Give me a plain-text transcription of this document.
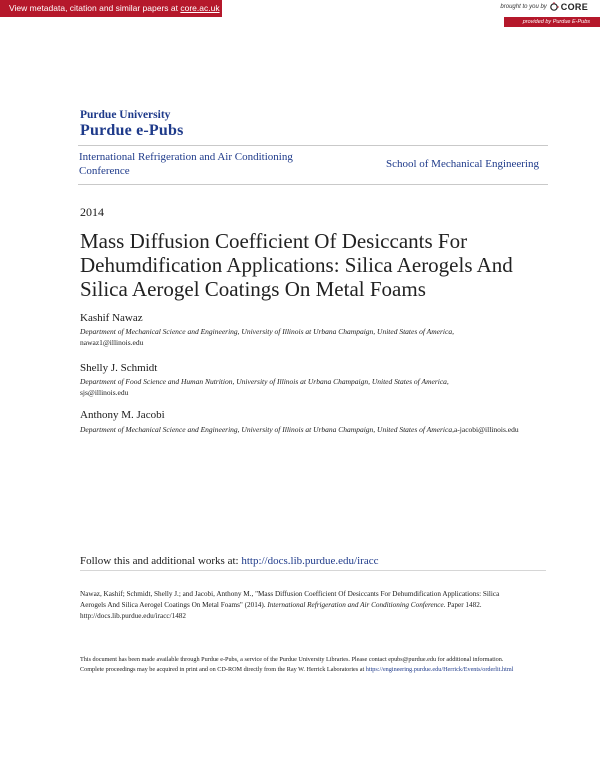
View metadata, citation and similar papers at core.ac.uk	brought to you by CORE
provided by Purdue E-Pubs
Purdue University
Purdue e-Pubs
International Refrigeration and Air Conditioning Conference
School of Mechanical Engineering
2014
Mass Diffusion Coefficient Of Desiccants For Dehumdification Applications: Silica Aerogels And Silica Aerogel Coatings On Metal Foams
Kashif Nawaz
Department of Mechanical Science and Engineering, University of Illinois at Urbana Champaign, United States of America,
nawaz1@illinois.edu
Shelly J. Schmidt
Department of Food Science and Human Nutrition, University of Illinois at Urbana Champaign, United States of America,
sjs@illinois.edu
Anthony M. Jacobi
Department of Mechanical Science and Engineering, University of Illinois at Urbana Champaign, United States of America,a-jacobi@illinois.edu
Follow this and additional works at: http://docs.lib.purdue.edu/iracc
Nawaz, Kashif; Schmidt, Shelly J.; and Jacobi, Anthony M., "Mass Diffusion Coefficient Of Desiccants For Dehumdification Applications: Silica Aerogels And Silica Aerogel Coatings On Metal Foams" (2014). International Refrigeration and Air Conditioning Conference. Paper 1482.
http://docs.lib.purdue.edu/iracc/1482
This document has been made available through Purdue e-Pubs, a service of the Purdue University Libraries. Please contact epubs@purdue.edu for additional information.
Complete proceedings may be acquired in print and on CD-ROM directly from the Ray W. Herrick Laboratories at https://engineering.purdue.edu/Herrick/Events/orderlit.html
